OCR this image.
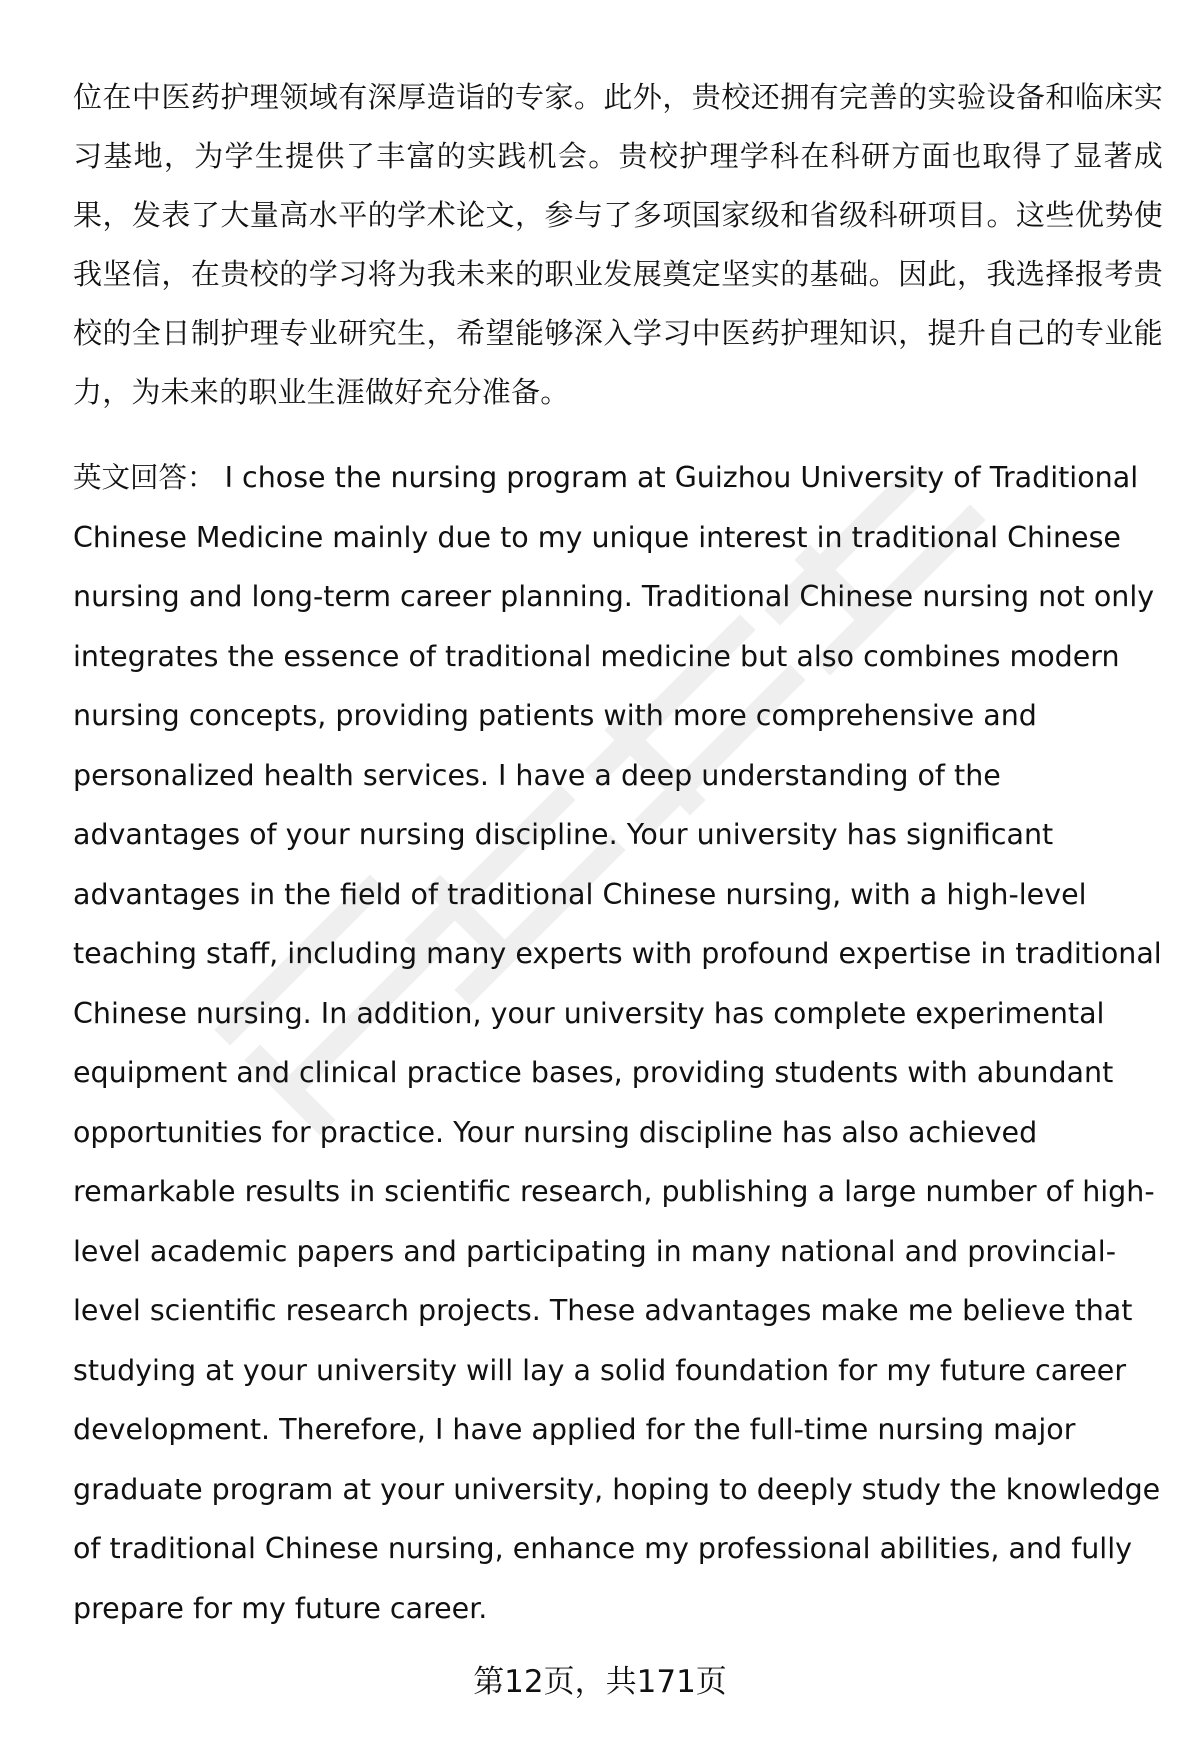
位在中医药护理领域有深厚造诣的专家。此外，贵校还拥有完善的实验设备和临床实习基地，为学生提供了丰富的实践机会。贵校护理学科在科研方面也取得了显著成果，发表了大量高水平的学术论文，参与了多项国家级和省级科研项目。这些优势使我坚信，在贵校的学习将为我未来的职业发展奠定坚实的基础。因此，我选择报考贵校的全日制护理专业研究生，希望能够深入学习中医药护理知识，提升自己的专业能力，为未来的职业生涯做好充分准备。

英文回答： I chose the nursing program at Guizhou University of Traditional Chinese Medicine mainly due to my unique interest in traditional Chinese nursing and long-term career planning. Traditional Chinese nursing not only integrates the essence of traditional medicine but also combines modern nursing concepts, providing patients with more comprehensive and personalized health services. I have a deep understanding of the advantages of your nursing discipline. Your university has significant advantages in the field of traditional Chinese nursing, with a high-level teaching staff, including many experts with profound expertise in traditional Chinese nursing. In addition, your university has complete experimental equipment and clinical practice bases, providing students with abundant opportunities for practice. Your nursing discipline has also achieved remarkable results in scientific research, publishing a large number of high-level academic papers and participating in many national and provincial-level scientific research projects. These advantages make me believe that studying at your university will lay a solid foundation for my future career development. Therefore, I have applied for the full-time nursing major graduate program at your university, hoping to deeply study the knowledge of traditional Chinese nursing, enhance my professional abilities, and fully prepare for my future career.

第12页，共171页
